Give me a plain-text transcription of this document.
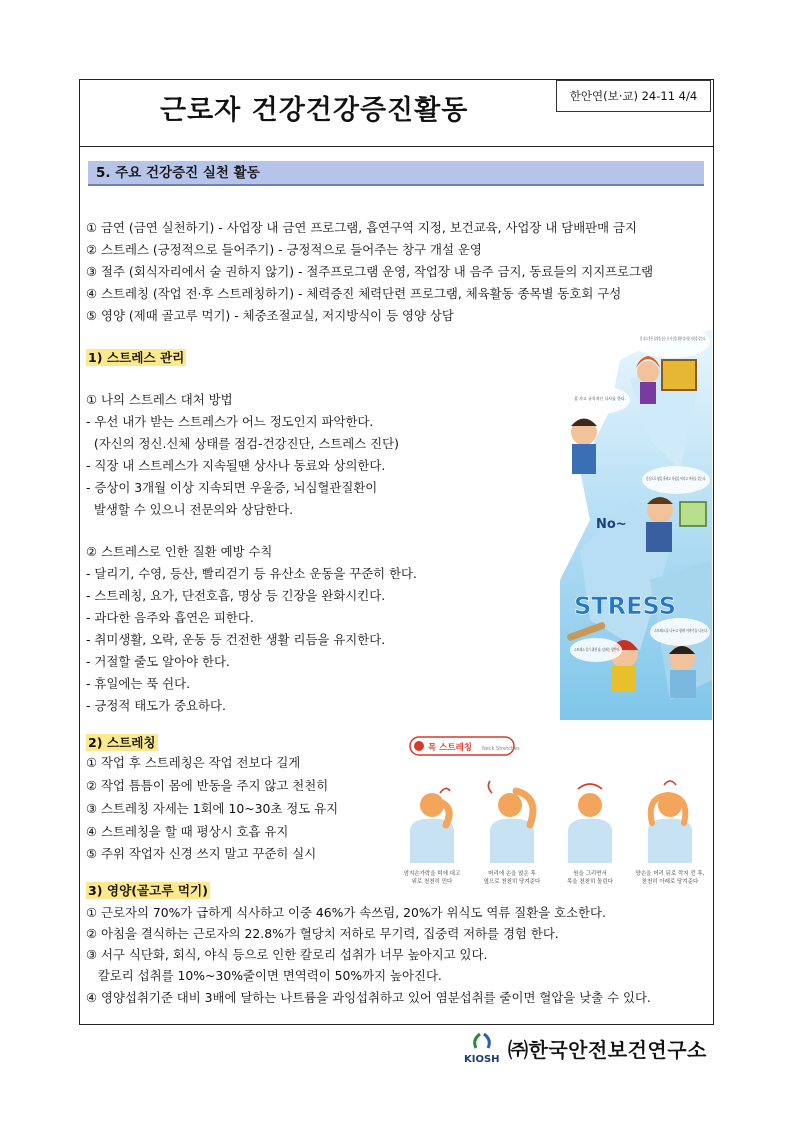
근로자 건강건강증진활동	한안연(보·교) 24-11 4/4
5. 주요 건강증진 실천 활동
① 금연 (금연 실천하기) - 사업장 내 금연 프로그램, 흡연구역 지정, 보건교육, 사업장 내 담배판매 금지
② 스트레스 (긍정적으로 들어주기) - 긍정적으로 들어주는 창구 개설 운영
③ 절주 (회식자리에서 술 권하지 않기) - 절주프로그램 운영, 작업장 내 음주 금지, 동료들의 지지프로그램
④ 스트레칭 (작업 전·후 스트레칭하기) - 체력증진 체력단련 프로그램, 체육활동 종목별 동호회 구성
⑤ 영양 (제때 골고루 먹기) - 체중조절교실, 저지방식이 등 영양 상담
1) 스트레스 관리
① 나의 스트레스 대처 방법
- 우선 내가 받는 스트레스가 어느 정도인지 파악한다.
(자신의 정신.신체 상태를 점검-건강진단, 스트레스 진단)
- 직장 내 스트레스가 지속될땐 상사나 동료와 상의한다.
- 증상이 3개월 이상 지속되면 우울증, 뇌심혈관질환이
발생할 수 있으니 전문의와 상담한다.
② 스트레스로 인한 질환 예방 수칙
- 달리기, 수영, 등산, 빨리걷기 등 유산소 운동을 꾸준히 한다.
- 스트레칭, 요가, 단전호흡, 명상 등 긴장을 완화시킨다.
- 과다한 음주와 흡연은 피한다.
- 취미생활, 오락, 운동 등 건전한 생활 리듬을 유지한다.
- 거절할 줄도 알아야 한다.
- 휴일에는 푹 쉰다.
- 긍정적 태도가 중요하다.
No~
STRESS
잘 쉬고 좋은 음악을 듣는 등 자신을 위한 즐거운 시간을 갖는다.
잘 자고 규칙적인 식사를 한다.
운동으로 땀을 흘리고 욕심을 버리고 여유를 갖는다.
스트레스를 나누고 함께 이야기를 나눈다.
스트레스 풀기 위한 술, 담배는 삼간다.
2) 스트레칭
① 작업 후 스트레칭은 작업 전보다 길게
② 작업 틈틈이 몸에 반동을 주지 않고 천천히
③ 스트레칭 자세는 1회에 10~30초 정도 유지
④ 스트레칭을 할 때 평상시 호흡 유지
⑤ 주위 작업자 신경 쓰지 말고 꾸준히 실시
목 스트레칭 Neck Stretches
엄지손가락을 턱에 대고
위로 천천히 민다
머리에 손을 얹은 후
옆으로 천천히 당겨준다
원을 그리면서
목을 천천히 돌린다
양손을 머리 뒤로 깍지 낀 후,
천천히 아래로 당겨준다
3) 영양(골고루 먹기)
① 근로자의 70%가 급하게 식사하고 이중 46%가 속쓰림, 20%가 위식도 역류 질환을 호소한다.
② 아침을 결식하는 근로자의 22.8%가 혈당치 저하로 무기력, 집중력 저하를 경험 한다.
③ 서구 식단화, 회식, 야식 등으로 인한 칼로리 섭취가 너무 높아지고 있다.
칼로리 섭취를 10%~30%줄이면 면역력이 50%까지 높아진다.
④ 영양섭취기준 대비 3배에 달하는 나트륨을 과잉섭취하고 있어 염분섭취를 줄이면 혈압을 낮출 수 있다.
KIOSH ㈜한국안전보건연구소
